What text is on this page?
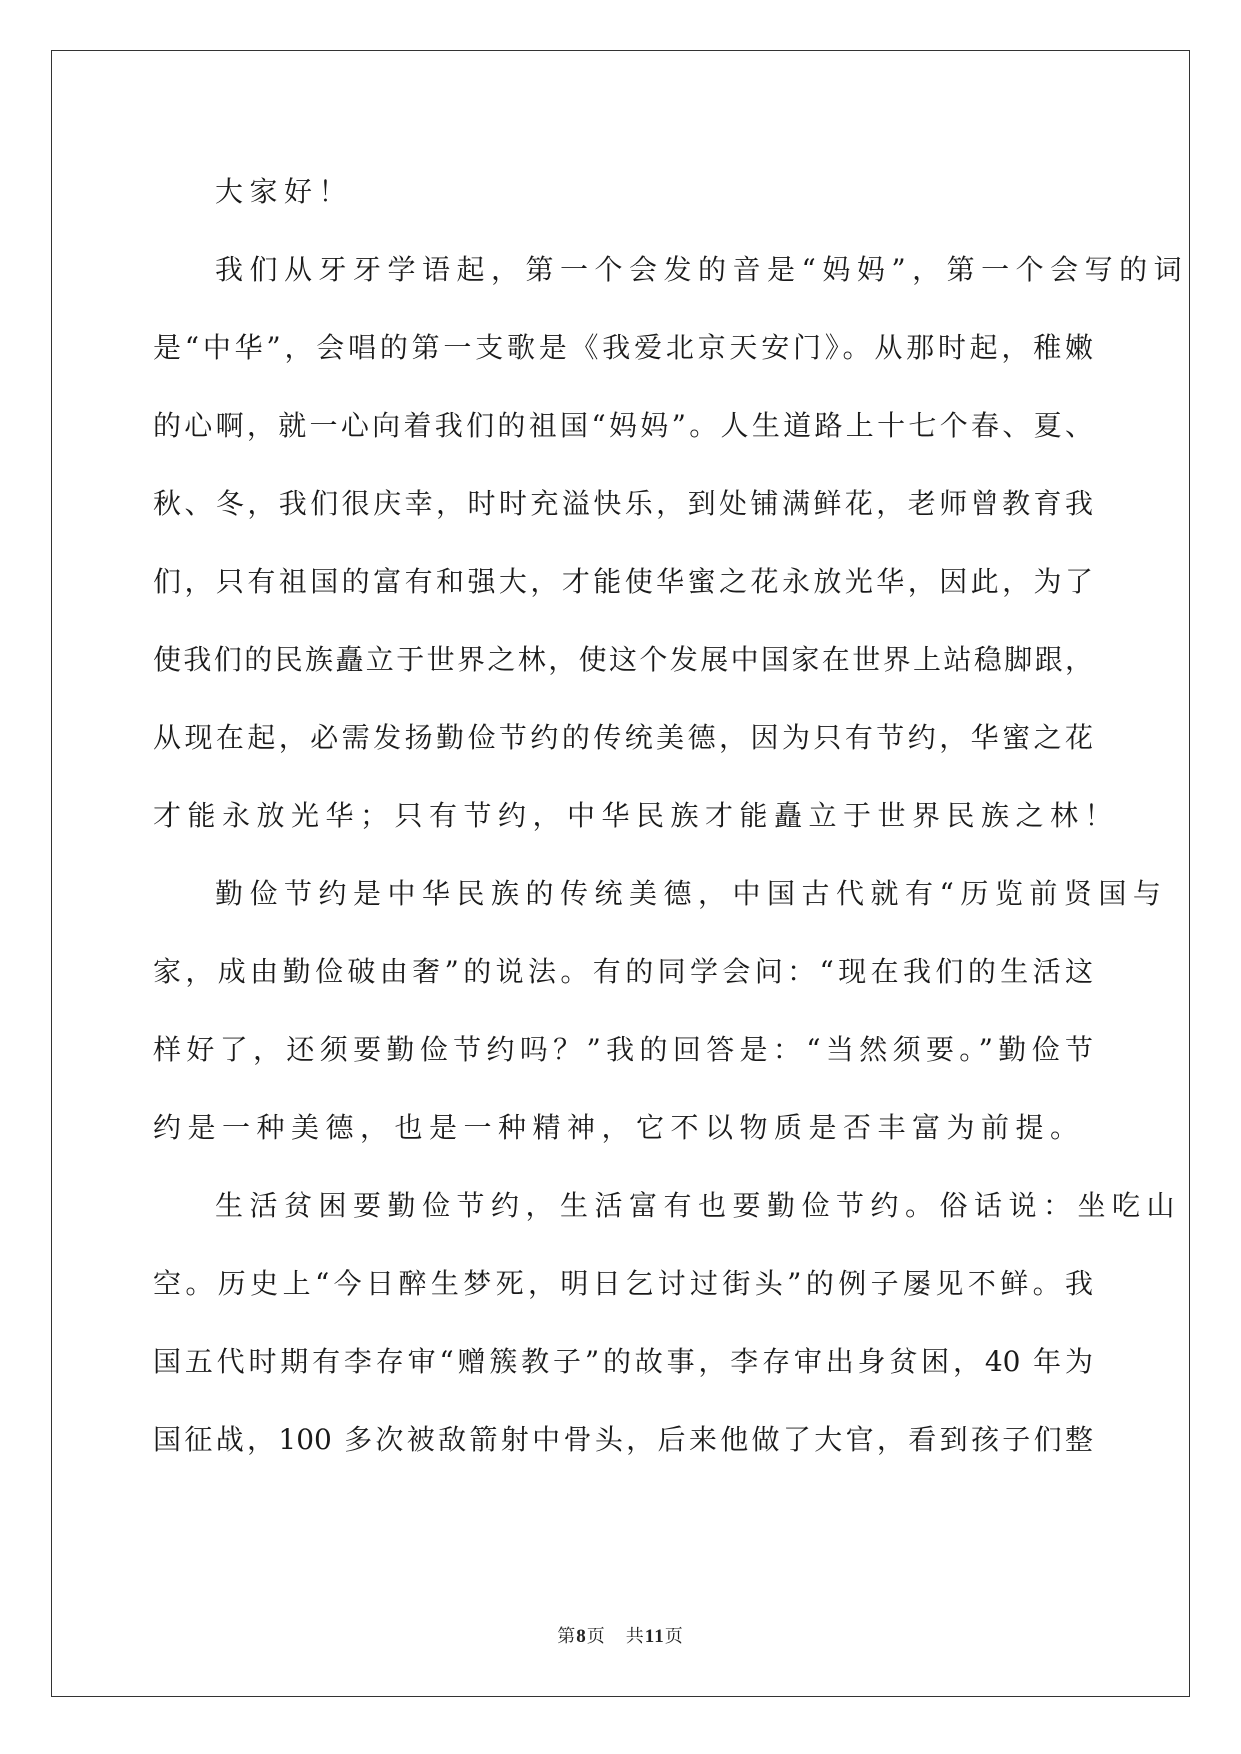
大家好！
我们从牙牙学语起，第一个会发的音是“妈妈”，第一个会写的词
是“中华”，会唱的第一支歌是《我爱北京天安门》。从那时起，稚嫩
的心啊，就一心向着我们的祖国“妈妈”。人生道路上十七个春、夏、
秋、冬，我们很庆幸，时时充溢快乐，到处铺满鲜花，老师曾教育我
们，只有祖国的富有和强大，才能使华蜜之花永放光华，因此，为了
使我们的民族矗立于世界之林，使这个发展中国家在世界上站稳脚跟，
从现在起，必需发扬勤俭节约的传统美德，因为只有节约，华蜜之花
才能永放光华；只有节约，中华民族才能矗立于世界民族之林！
勤俭节约是中华民族的传统美德，中国古代就有“历览前贤国与
家，成由勤俭破由奢”的说法。有的同学会问：“现在我们的生活这
样好了，还须要勤俭节约吗？”我的回答是：“当然须要。”勤俭节
约是一种美德，也是一种精神，它不以物质是否丰富为前提。
生活贫困要勤俭节约，生活富有也要勤俭节约。俗话说：坐吃山
空。历史上“今日醉生梦死，明日乞讨过街头”的例子屡见不鲜。我
国五代时期有李存审“赠簇教子”的故事，李存审出身贫困，40 年为
国征战，100 多次被敌箭射中骨头，后来他做了大官，看到孩子们整
第8页 共11页
